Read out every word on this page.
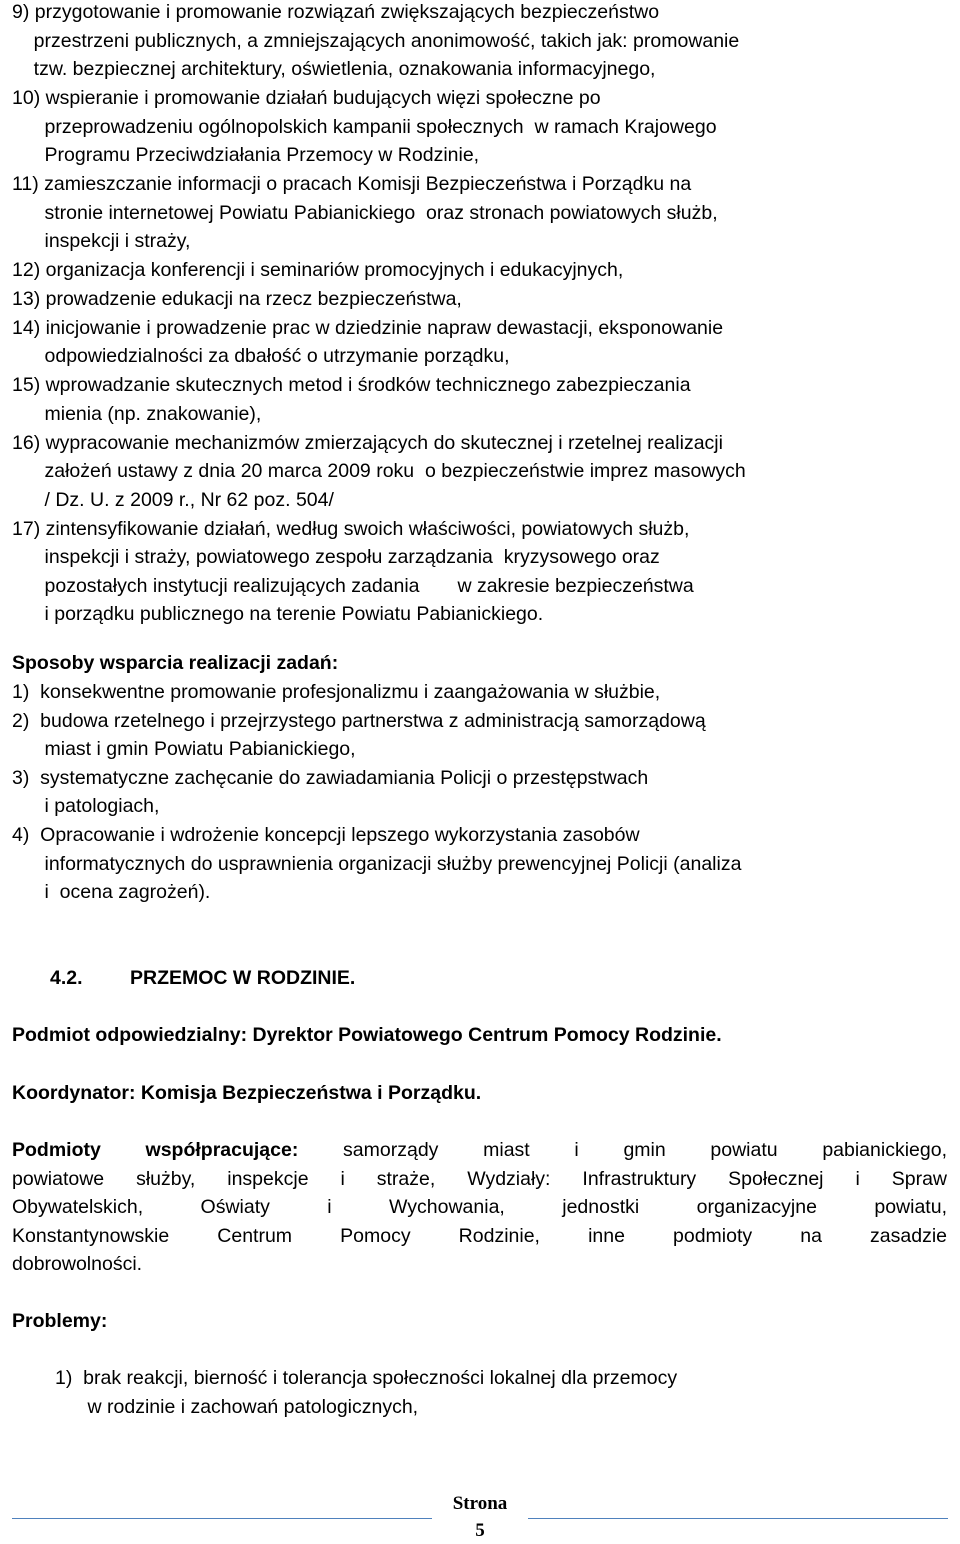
9) przygotowanie i promowanie rozwiązań zwiększających bezpieczeństwo
przestrzeni publicznych, a zmniejszających anonimowość, takich jak: promowanie
tzw. bezpiecznej architektury, oświetlenia, oznakowania informacyjnego,
10) wspieranie i promowanie działań budujących więzi społeczne po
przeprowadzeniu ogólnopolskich kampanii społecznych  w ramach Krajowego
Programu Przeciwdziałania Przemocy w Rodzinie,
11) zamieszczanie informacji o pracach Komisji Bezpieczeństwa i Porządku na
stronie internetowej Powiatu Pabianickiego  oraz stronach powiatowych służb,
inspekcji i straży,
12) organizacja konferencji i seminariów promocyjnych i edukacyjnych,
13) prowadzenie edukacji na rzecz bezpieczeństwa,
14) inicjowanie i prowadzenie prac w dziedzinie napraw dewastacji, eksponowanie
odpowiedzialności za dbałość o utrzymanie porządku,
15) wprowadzanie skutecznych metod i środków technicznego zabezpieczania
mienia (np. znakowanie),
16) wypracowanie mechanizmów zmierzających do skutecznej i rzetelnej realizacji
założeń ustawy z dnia 20 marca 2009 roku  o bezpieczeństwie imprez masowych
/ Dz. U. z 2009 r., Nr 62 poz. 504/
17) zintensyfikowanie działań, według swoich właściwości, powiatowych służb,
inspekcji i straży, powiatowego zespołu zarządzania  kryzysowego oraz
pozostałych instytucji realizujących zadania       w zakresie bezpieczeństwa
i porządku publicznego na terenie Powiatu Pabianickiego.

Sposoby wsparcia realizacji zadań:

1)  konsekwentne promowanie profesjonalizmu i zaangażowania w służbie,
2)  budowa rzetelnego i przejrzystego partnerstwa z administracją samorządową
miast i gmin Powiatu Pabianickiego,
3)  systematyczne zachęcanie do zawiadamiania Policji o przestępstwach
i patologiach,
4)  Opracowanie i wdrożenie koncepcji lepszego wykorzystania zasobów
informatycznych do usprawnienia organizacji służby prewencyjnej Policji (analiza
i  ocena zagrożeń).

4.2. PRZEMOC W RODZINIE.

Podmiot odpowiedzialny: Dyrektor Powiatowego Centrum Pomocy Rodzinie.

Koordynator: Komisja Bezpieczeństwa i Porządku.

Podmioty współpracujące: samorządy miast i gmin powiatu pabianickiego,
powiatowe służby, inspekcje i straże, Wydziały: Infrastruktury Społecznej i Spraw
Obywatelskich, Oświaty i Wychowania, jednostki organizacyjne powiatu,
Konstantynowskie Centrum Pomocy Rodzinie, inne podmioty na zasadzie
dobrowolności.

Problemy:

1)  brak reakcji, bierność i tolerancja społeczności lokalnej dla przemocy
w rodzinie i zachowań patologicznych,
Strona
5
